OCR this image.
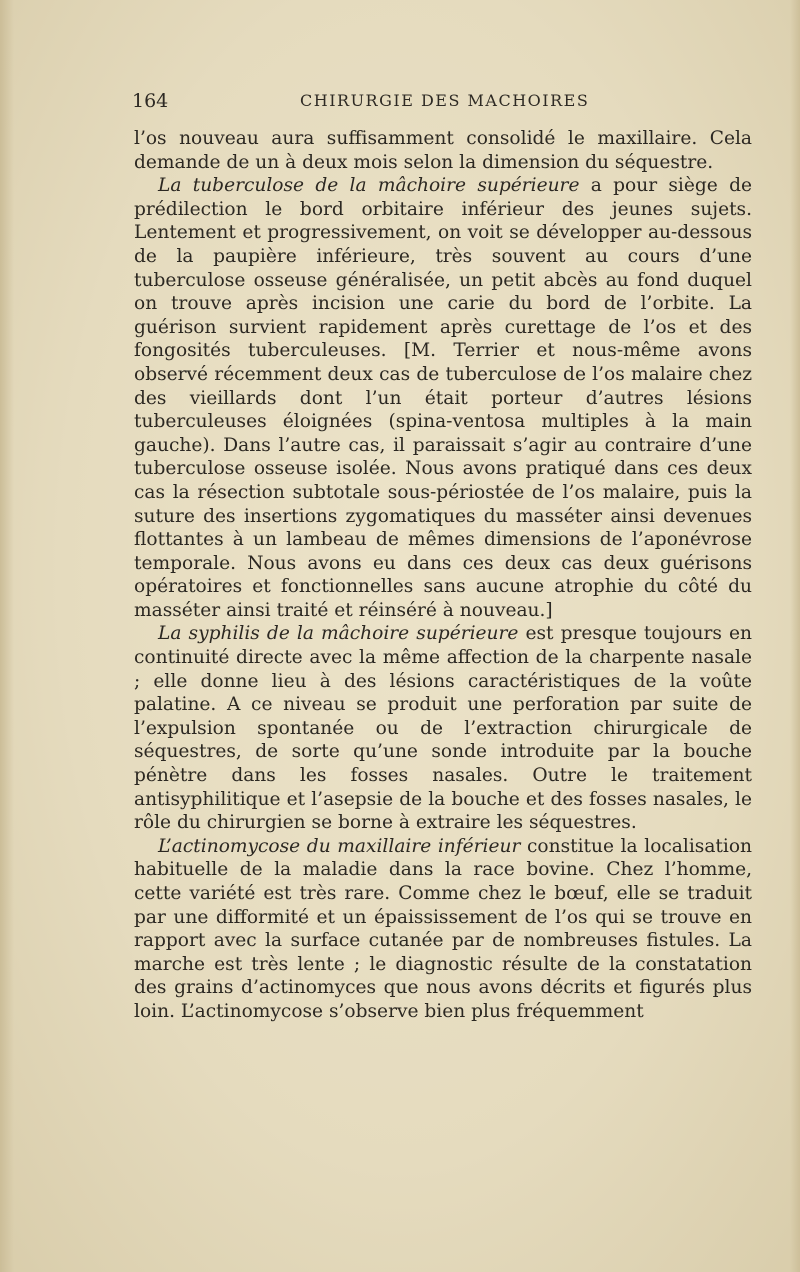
164	CHIRURGIE DES MACHOIRES

l’os nouveau aura suffisamment consolidé le maxillaire. Cela demande de un à deux mois selon la dimension du séquestre.

La tuberculose de la mâchoire supérieure a pour siège de prédilection le bord orbitaire inférieur des jeunes sujets. Lentement et progressivement, on voit se développer au-dessous de la paupière inférieure, très souvent au cours d’une tuberculose osseuse généralisée, un petit abcès au fond duquel on trouve après incision une carie du bord de l’orbite. La guérison survient rapidement après curettage de l’os et des fongosités tuberculeuses. [M. Terrier et nous-même avons observé récemment deux cas de tuberculose de l’os malaire chez des vieillards dont l’un était porteur d’autres lésions tuberculeuses éloignées (spina-ventosa multiples à la main gauche). Dans l’autre cas, il paraissait s’agir au contraire d’une tuberculose osseuse isolée. Nous avons pratiqué dans ces deux cas la résection subtotale sous-périostée de l’os malaire, puis la suture des insertions zygomatiques du masséter ainsi devenues flottantes à un lambeau de mêmes dimensions de l’aponévrose temporale. Nous avons eu dans ces deux cas deux guérisons opératoires et fonctionnelles sans aucune atrophie du côté du masséter ainsi traité et réinséré à nouveau.]

La syphilis de la mâchoire supérieure est presque toujours en continuité directe avec la même affection de la charpente nasale ; elle donne lieu à des lésions caractéristiques de la voûte palatine. A ce niveau se produit une perforation par suite de l’expulsion spontanée ou de l’extraction chirurgicale de séquestres, de sorte qu’une sonde introduite par la bouche pénètre dans les fosses nasales. Outre le traitement antisyphilitique et l’asepsie de la bouche et des fosses nasales, le rôle du chirurgien se borne à extraire les séquestres.

L’actinomycose du maxillaire inférieur constitue la localisation habituelle de la maladie dans la race bovine. Chez l’homme, cette variété est très rare. Comme chez le bœuf, elle se traduit par une difformité et un épaississement de l’os qui se trouve en rapport avec la surface cutanée par de nombreuses fistules. La marche est très lente ; le diagnostic résulte de la constatation des grains d’actinomyces que nous avons décrits et figurés plus loin. L’actinomycose s’observe bien plus fréquemment
